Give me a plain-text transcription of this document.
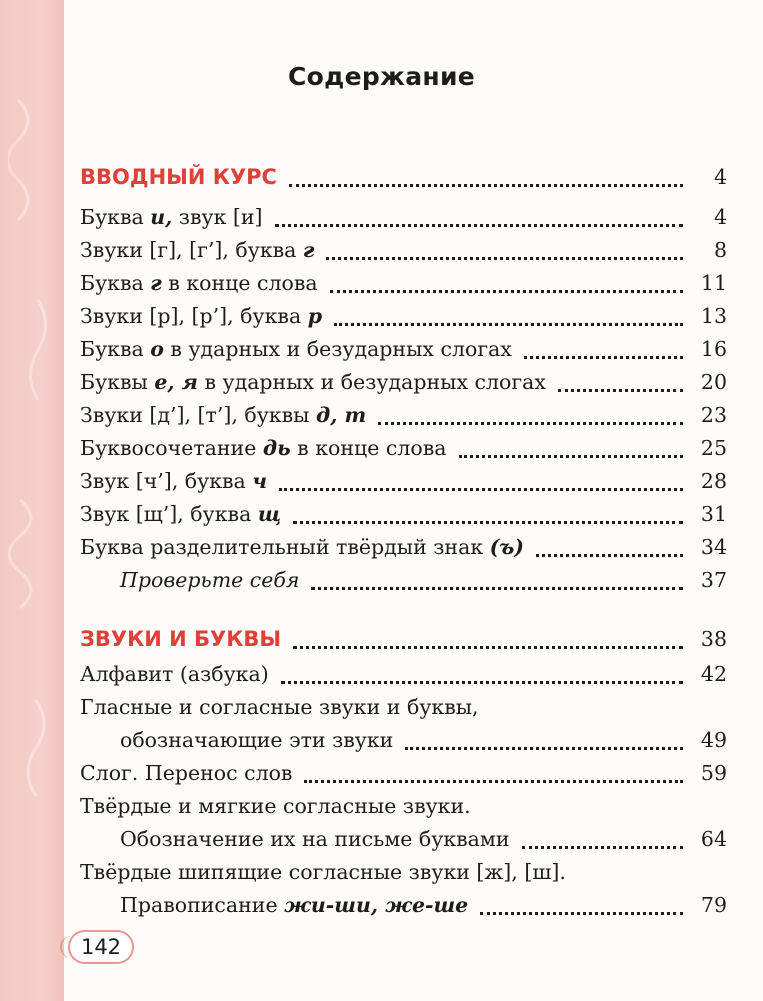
Содержание
ВВОДНЫЙ КУРС	4
Буква и, звук [и]	4
Звуки [г], [г’], буква г	8
Буква г в конце слова	11
Звуки [р], [р’], буква р	13
Буква о в ударных и безударных слогах	16
Буквы е, я в ударных и безударных слогах	20
Звуки [д’], [т’], буквы д, т	23
Буквосочетание дь в конце слова	25
Звук [ч’], буква ч	28
Звук [щ’], буква щ	31
Буква разделительный твёрдый знак (ъ)	34
Проверьте себя	37
ЗВУКИ И БУКВЫ	38
Алфавит (азбука)	42
Гласные и согласные звуки и буквы,
обозначающие эти звуки	49
Слог. Перенос слов	59
Твёрдые и мягкие согласные звуки.
Обозначение их на письме буквами	64
Твёрдые шипящие согласные звуки [ж], [ш].
Правописание жи-ши, же-ше	79
142
